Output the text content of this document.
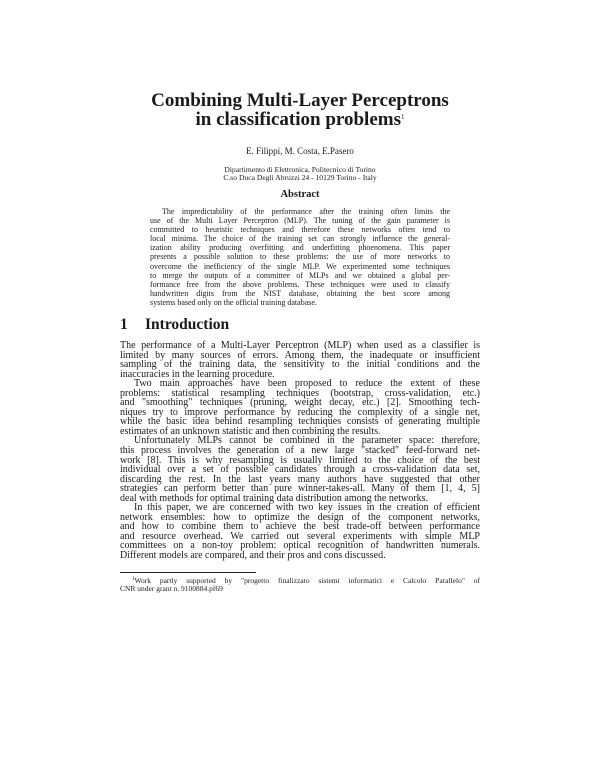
Combining Multi-Layer Perceptrons
in classification problems$^1$
E. Filippi, M. Costa, E.Pasero
Dipartimento di Elettronica, Politecnico di Torino
C.so Duca Degli Abruzzi 24 - 10129 Torino - Italy
Abstract
The impredictability of the performance after the training often limits the
use of the Multi Layer Perceptron (MLP). The tuning of the gain parameter is
committed to heuristic techniques and therefore these networks often tend to
local minima. The choice of the training set can strongly influence the general-
ization ability producing overfitting and underfitting phoenomena. This paper
presents a possible solution to these problems: the use of more networks to
overcome the inefficiency of the single MLP. We experimented some techniques
to merge the outputs of a committee of MLPs and we obtained a global per-
formance free from the above problems. These techniques were used to classify
handwritten digits from the NIST database, obtaining the best score among
systems based only on the official training database.
1 Introduction
The performance of a Multi-Layer Perceptron (MLP) when used as a classifier is
limited by many sources of errors. Among them, the inadequate or insufficient
sampling of the training data, the sensitivity to the initial conditions and the
inaccuracies in the learning procedure.
Two main approaches have been proposed to reduce the extent of these
problems: statistical resampling techniques (bootstrap, cross-validation, etc.)
and "smoothing" techniques (pruning, weight decay, etc.) [2]. Smoothing tech-
niques try to improve performance by reducing the complexity of a single net,
while the basic idea behind resampling techniques consists of generating multiple
estimates of an unknown statistic and then combining the results.
Unfortunately MLPs cannot be combined in the parameter space: therefore,
this process involves the generation of a new large "stacked" feed-forward net-
work [8]. This is why resampling is usually limited to the choice of the best
individual over a set of possible candidates through a cross-validation data set,
discarding the rest. In the last years many authors have suggested that other
strategies can perform better than pure winner-takes-all. Many of them [1, 4, 5]
deal with methods for optimal training data distribution among the networks.
In this paper, we are concerned with two key issues in the creation of efficient
network ensembles: how to optimize the design of the component networks,
and how to combine them to achieve the best trade-off between performance
and resource overhead. We carried out several experiments with simple MLP
committees on a non-toy problem: optical recognition of handwritten numerals.
Different models are compared, and their pros and cons discussed.
$^1$Work partly supported by "progetto finalizzato sistemi informatici e Calcolo Parallelo" of
CNR under grant n. 9100884.pf69
